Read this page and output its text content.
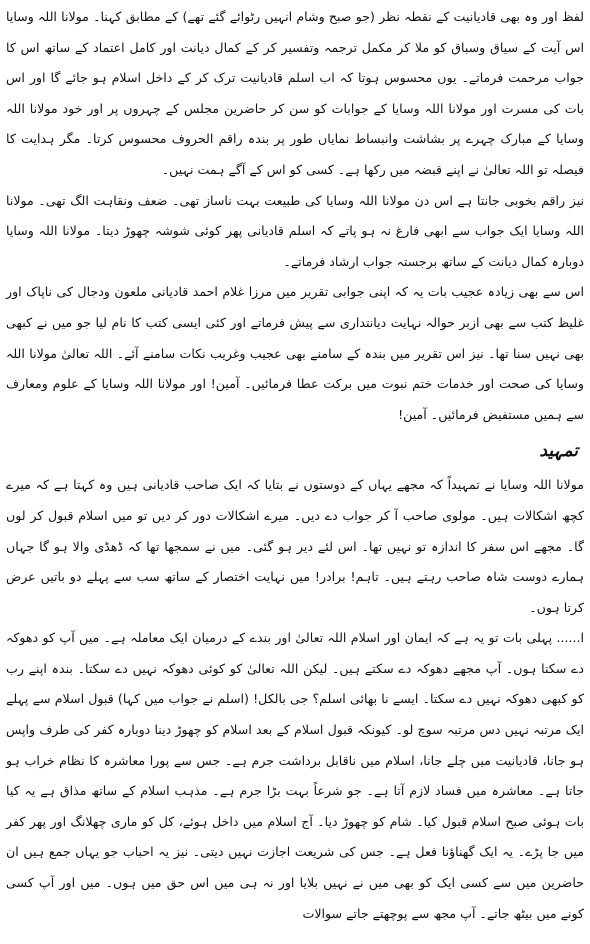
لفظ اور وہ بھی قادیانیت کے نقطہ نظر (جو صبح وشام انہیں رٹوائے گئے تھے) کے مطابق کہنا۔ مولانا اللہ وسایا اس آیت کے سیاق وسباق کو ملا کر مکمل ترجمہ وتفسیر کر کے کمال دیانت اور کامل اعتماد کے ساتھ اس کا جواب مرحمت فرماتے۔ یوں محسوس ہوتا کہ اب اسلم قادیانیت ترک کر کے داخل اسلام ہو جائے گا اور اس بات کی مسرت اور مولانا اللہ وسایا کے جوابات کو سن کر حاضرین مجلس کے چہروں پر اور خود مولانا اللہ وسایا کے مبارک چہرے پر بشاشت وانبساط نمایاں طور پر بندہ راقم الحروف محسوس کرتا۔ مگر ہدایت کا فیصلہ تو اللہ تعالیٰ نے اپنے قبضہ میں رکھا ہے۔ کسی کو اس کے آگے ہمت نہیں۔

نیز راقم بخوبی جانتا ہے اس دن مولانا اللہ وسایا کی طبیعت بہت ناساز تھی۔ ضعف ونقاہت الگ تھی۔ مولانا اللہ وسایا ایک جواب سے ابھی فارغ نہ ہو پاتے کہ اسلم قادیانی پھر کوئی شوشہ چھوڑ دیتا۔ مولانا اللہ وسایا دوبارہ کمال دیانت کے ساتھ برجستہ جواب ارشاد فرماتے۔

اس سے بھی زیادہ عجیب بات یہ کہ اپنی جوابی تقریر میں مرزا غلام احمد قادیانی ملعون ودجال کی ناپاک اور غلیظ کتب سے بھی ازبر حوالہ نہایت دیانتداری سے پیش فرماتے اور کئی ایسی کتب کا نام لیا جو میں نے کبھی بھی نہیں سنا تھا۔ نیز اس تقریر میں بندہ کے سامنے بھی عجیب وغریب نکات سامنے آئے۔ اللہ تعالیٰ مولانا اللہ وسایا کی صحت اور خدمات ختم نبوت میں برکت عطا فرمائیں۔ آمین! اور مولانا اللہ وسایا کے علوم ومعارف سے ہمیں مستفیض فرمائیں۔ آمین!

تمہید

مولانا اللہ وسایا نے تمہیداً کہ مجھے یہاں کے دوستوں نے بتایا کہ ایک صاحب قادیانی ہیں وہ کہتا ہے کہ میرے کچھ اشکالات ہیں۔ مولوی صاحب آ کر جواب دے دیں۔ میرے اشکالات دور کر دیں تو میں اسلام قبول کر لوں گا۔ مجھے اس سفر کا اندازہ تو نہیں تھا۔ اس لئے دیر ہو گئی۔ میں نے سمجھا تھا کہ ڈھڈی والا ہو گا جہاں ہمارے دوست شاہ صاحب رہتے ہیں۔ تاہم! برادر! میں نہایت اختصار کے ساتھ سب سے پہلے دو باتیں عرض کرتا ہوں۔

ا...... پہلی بات تو یہ ہے کہ ایمان اور اسلام اللہ تعالیٰ اور بندے کے درمیان ایک معاملہ ہے۔ میں آپ کو دھوکہ دے سکتا ہوں۔ آپ مجھے دھوکہ دے سکتے ہیں۔ لیکن اللہ تعالیٰ کو کوئی دھوکہ نہیں دے سکتا۔ بندہ اپنے رب کو کبھی دھوکہ نہیں دے سکتا۔ ایسے نا بھائی اسلم؟ جی بالکل! (اسلم نے جواب میں کہا) قبول اسلام سے پہلے ایک مرتبہ نہیں دس مرتبہ سوچ لو۔ کیونکہ قبول اسلام کے بعد اسلام کو چھوڑ دینا دوبارہ کفر کی طرف واپس ہو جانا، قادیانیت میں چلے جانا، اسلام میں ناقابل برداشت جرم ہے۔ جس سے پورا معاشرہ کا نظام خراب ہو جاتا ہے۔ معاشرہ میں فساد لازم آتا ہے۔ جو شرعاً بہت بڑا جرم ہے۔ مذہب اسلام کے ساتھ مذاق ہے یہ کیا بات ہوئی صبح اسلام قبول کیا۔ شام کو چھوڑ دیا۔ آج اسلام میں داخل ہوئے، کل کو ماری چھلانگ اور پھر کفر میں جا پڑے۔ یہ ایک گھناؤنا فعل ہے۔ جس کی شریعت اجازت نہیں دیتی۔ نیز یہ احباب جو یہاں جمع ہیں ان حاضرین میں سے کسی ایک کو بھی میں نے نہیں بلایا اور نہ ہی میں اس حق میں ہوں۔ میں اور آپ کسی کونے میں بیٹھ جاتے۔ آپ مجھ سے پوچھتے جاتے سوالات
